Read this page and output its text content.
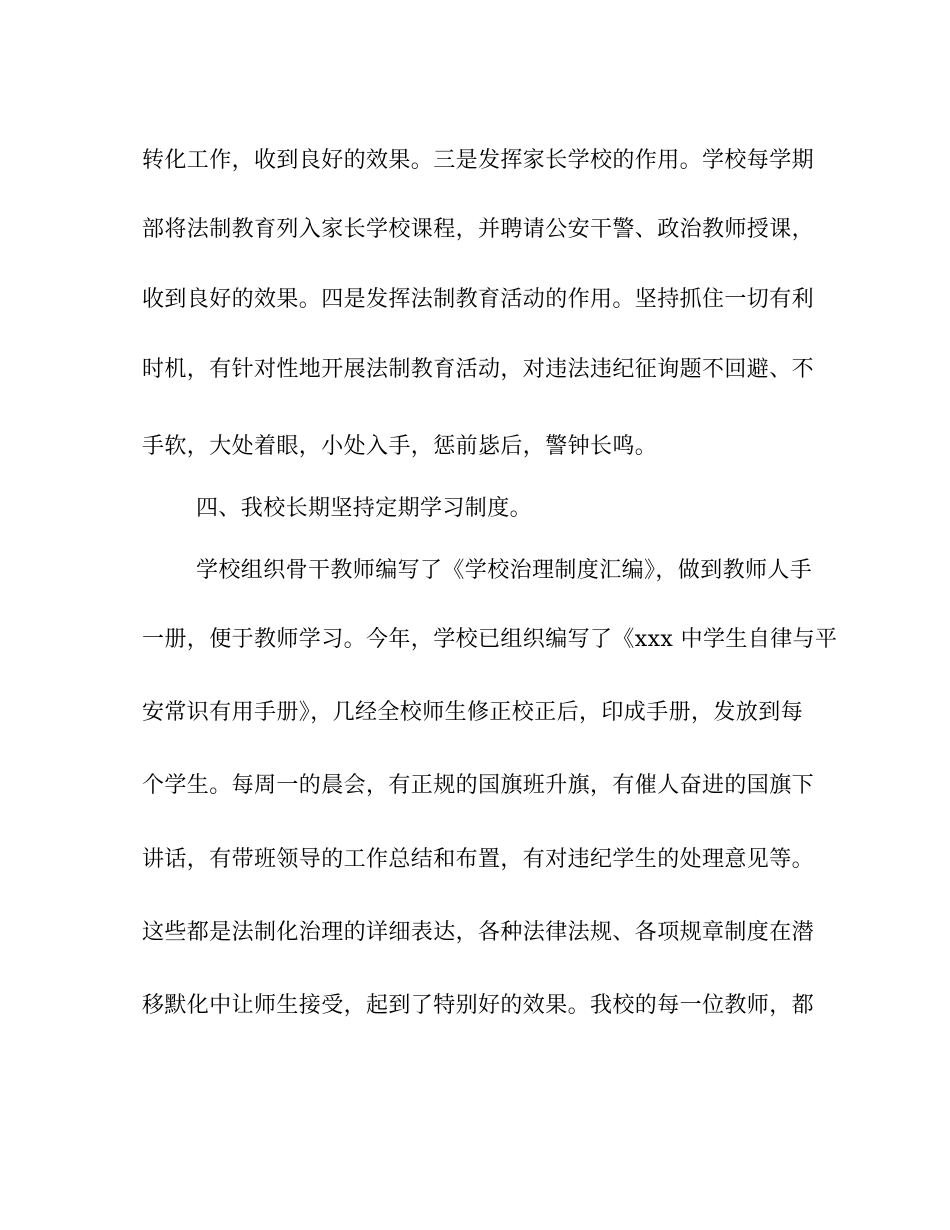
转化工作，收到良好的效果。三是发挥家长学校的作用。学校每学期
部将法制教育列入家长学校课程，并聘请公安干警、政治教师授课，
收到良好的效果。四是发挥法制教育活动的作用。坚持抓住一切有利
时机，有针对性地开展法制教育活动，对违法违纪征询题不回避、不
手软，大处着眼，小处入手，惩前毖后，警钟长鸣。
四、我校长期坚持定期学习制度。
学校组织骨干教师编写了《学校治理制度汇编》，做到教师人手
一册，便于教师学习。今年，学校已组织编写了《xxx 中学生自律与平
安常识有用手册》，几经全校师生修正校正后，印成手册，发放到每
个学生。每周一的晨会，有正规的国旗班升旗，有催人奋进的国旗下
讲话，有带班领导的工作总结和布置，有对违纪学生的处理意见等。
这些都是法制化治理的详细表达，各种法律法规、各项规章制度在潜
移默化中让师生接受，起到了特别好的效果。我校的每一位教师，都
